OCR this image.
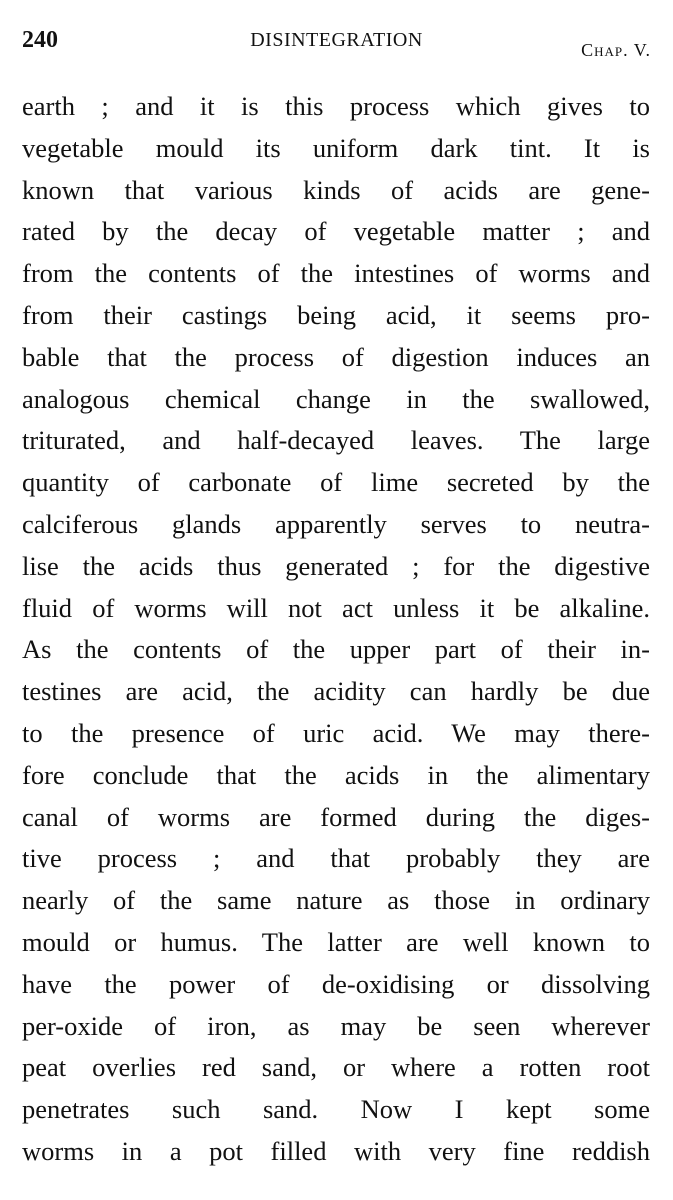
240	DISINTEGRATION	Chap. V.
earth ; and it is this process which gives to
vegetable mould its uniform dark tint. It is
known that various kinds of acids are gene-
rated by the decay of vegetable matter ; and
from the contents of the intestines of worms and
from their castings being acid, it seems pro-
bable that the process of digestion induces an
analogous chemical change in the swallowed,
triturated, and half-decayed leaves. The large
quantity of carbonate of lime secreted by the
calciferous glands apparently serves to neutra-
lise the acids thus generated ; for the digestive
fluid of worms will not act unless it be alkaline.
As the contents of the upper part of their in-
testines are acid, the acidity can hardly be due
to the presence of uric acid. We may there-
fore conclude that the acids in the alimentary
canal of worms are formed during the diges-
tive process ; and that probably they are
nearly of the same nature as those in ordinary
mould or humus. The latter are well known to
have the power of de-oxidising or dissolving
per-oxide of iron, as may be seen wherever
peat overlies red sand, or where a rotten root
penetrates such sand. Now I kept some
worms in a pot filled with very fine reddish
